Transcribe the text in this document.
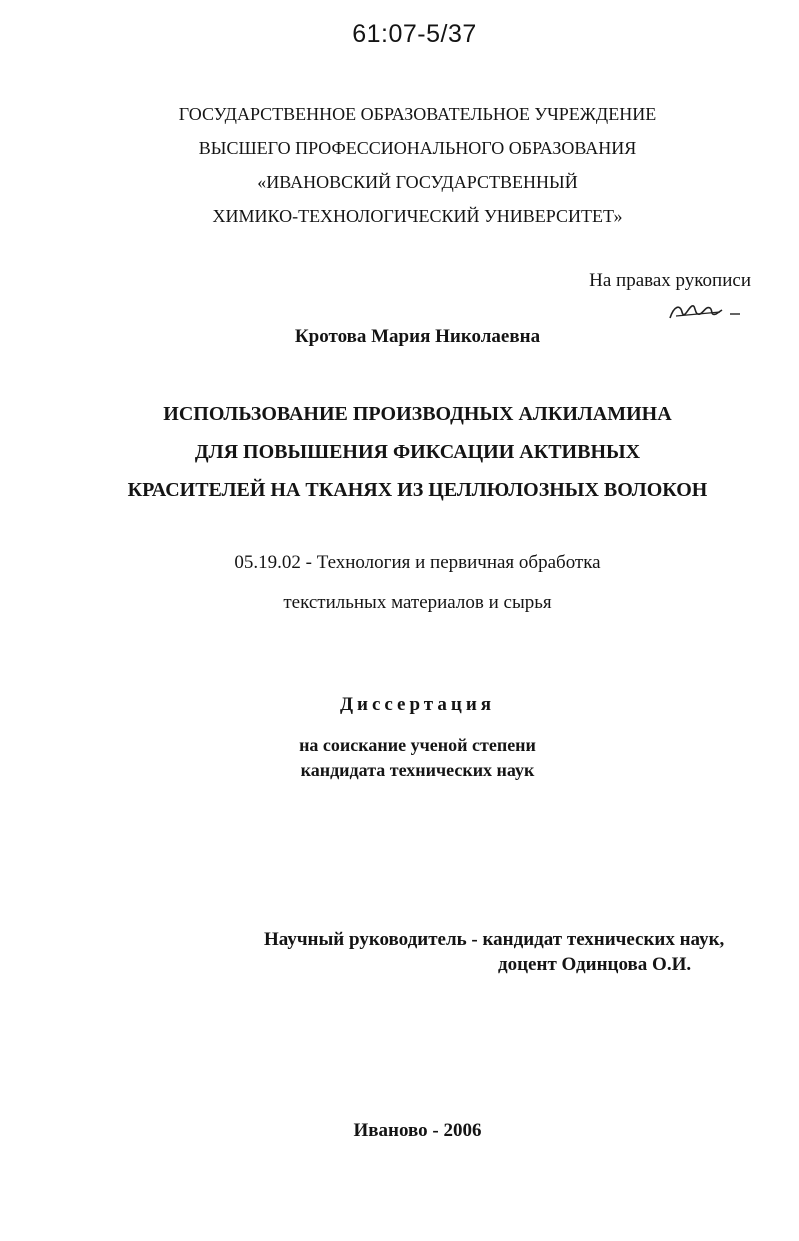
61:07-5/37
ГОСУДАРСТВЕННОЕ ОБРАЗОВАТЕЛЬНОЕ УЧРЕЖДЕНИЕ
ВЫСШЕГО ПРОФЕССИОНАЛЬНОГО ОБРАЗОВАНИЯ
«ИВАНОВСКИЙ ГОСУДАРСТВЕННЫЙ
ХИМИКО-ТЕХНОЛОГИЧЕСКИЙ УНИВЕРСИТЕТ»
На правах рукописи
Кротова Мария Николаевна
ИСПОЛЬЗОВАНИЕ ПРОИЗВОДНЫХ АЛКИЛАМИНА
ДЛЯ ПОВЫШЕНИЯ ФИКСАЦИИ АКТИВНЫХ
КРАСИТЕЛЕЙ НА ТКАНЯХ ИЗ ЦЕЛЛЮЛОЗНЫХ ВОЛОКОН
05.19.02 - Технология и первичная обработка
текстильных материалов и сырья
Диссертация
на соискание ученой степени
кандидата технических наук
Научный руководитель - кандидат технических наук,
доцент Одинцова О.И.
Иваново - 2006
